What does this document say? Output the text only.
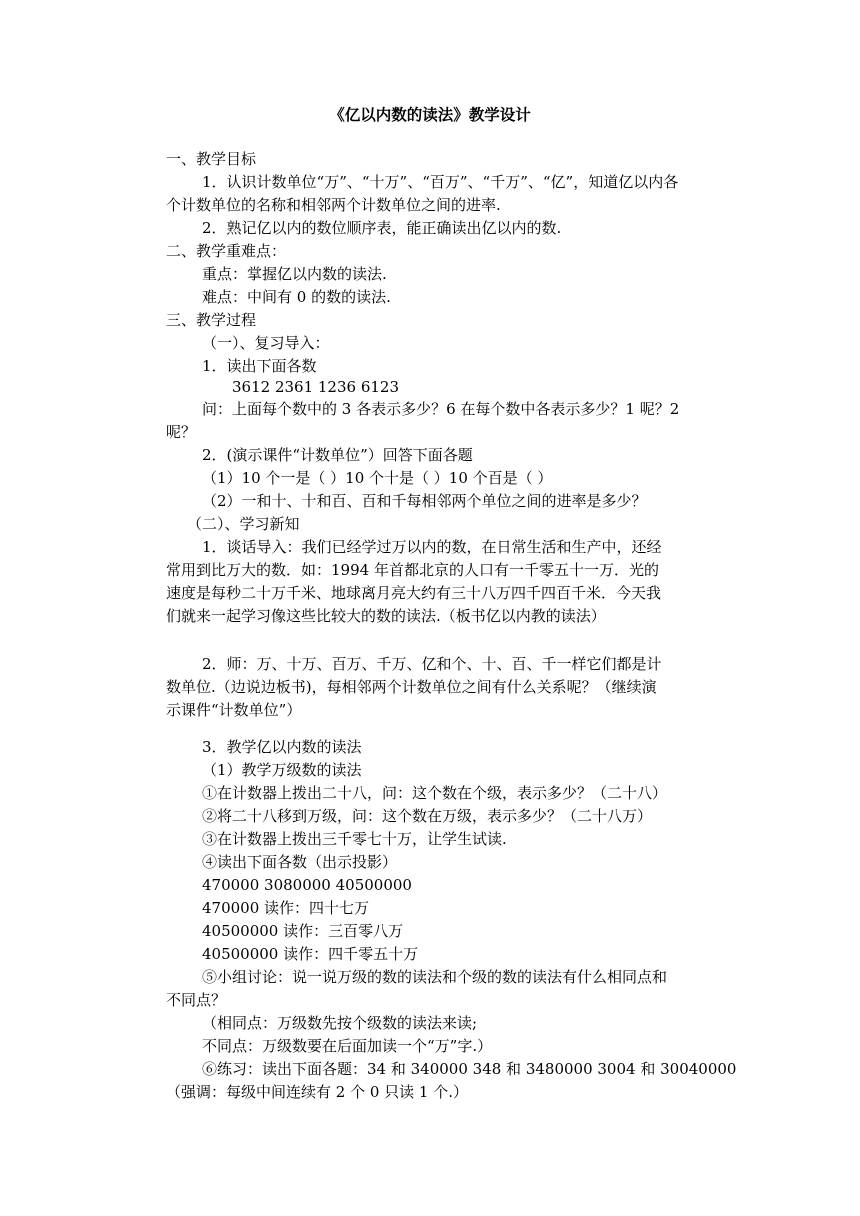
《亿以内数的读法》教学设计
一、教学目标
1．认识计数单位“万”、“十万”、“百万”、“千万”、“亿”，知道亿以内各
个计数单位的名称和相邻两个计数单位之间的进率.
2．熟记亿以内的数位顺序表，能正确读出亿以内的数.
二、教学重难点：
重点：掌握亿以内数的读法.
难点：中间有 0 的数的读法.
三、教学过程
（一）、复习导入：
1．读出下面各数
3612 2361 1236 6123
问：上面每个数中的 3 各表示多少？6 在每个数中各表示多少？1 呢？2
呢？
2．(演示课件“计数单位”）回答下面各题
（1）10 个一是（ ）10 个十是（ ）10 个百是（ ）
（2）一和十、十和百、百和千每相邻两个单位之间的进率是多少？
（二）、学习新知
1．谈话导入：我们已经学过万以内的数，在日常生活和生产中，还经
常用到比万大的数．如：1994 年首都北京的人口有一千零五十一万．光的
速度是每秒二十万千米、地球离月亮大约有三十八万四千四百千米．今天我
们就来一起学习像这些比较大的数的读法.（板书亿以内教的读法）
2．师：万、十万、百万、千万、亿和个、十、百、千一样它们都是计
数单位.（边说边板书)，每相邻两个计数单位之间有什么关系呢？（继续演
示课件“计数单位”）
3．教学亿以内数的读法
（1）教学万级数的读法
①在计数器上拨出二十八，问：这个数在个级，表示多少？（二十八）
②将二十八移到万级，问：这个数在万级，表示多少？（二十八万）
③在计数器上拨出三千零七十万，让学生试读.
④读出下面各数（出示投影）
470000 3080000 40500000
470000 读作：四十七万
40500000 读作：三百零八万
40500000 读作：四千零五十万
⑤小组讨论：说一说万级的数的读法和个级的数的读法有什么相同点和
不同点？
（相同点：万级数先按个级数的读法来读;
不同点：万级数要在后面加读一个“万”字.）
⑥练习：读出下面各题：34 和 340000 348 和 3480000 3004 和 30040000
（强调：每级中间连续有 2 个 0 只读 1 个.）
